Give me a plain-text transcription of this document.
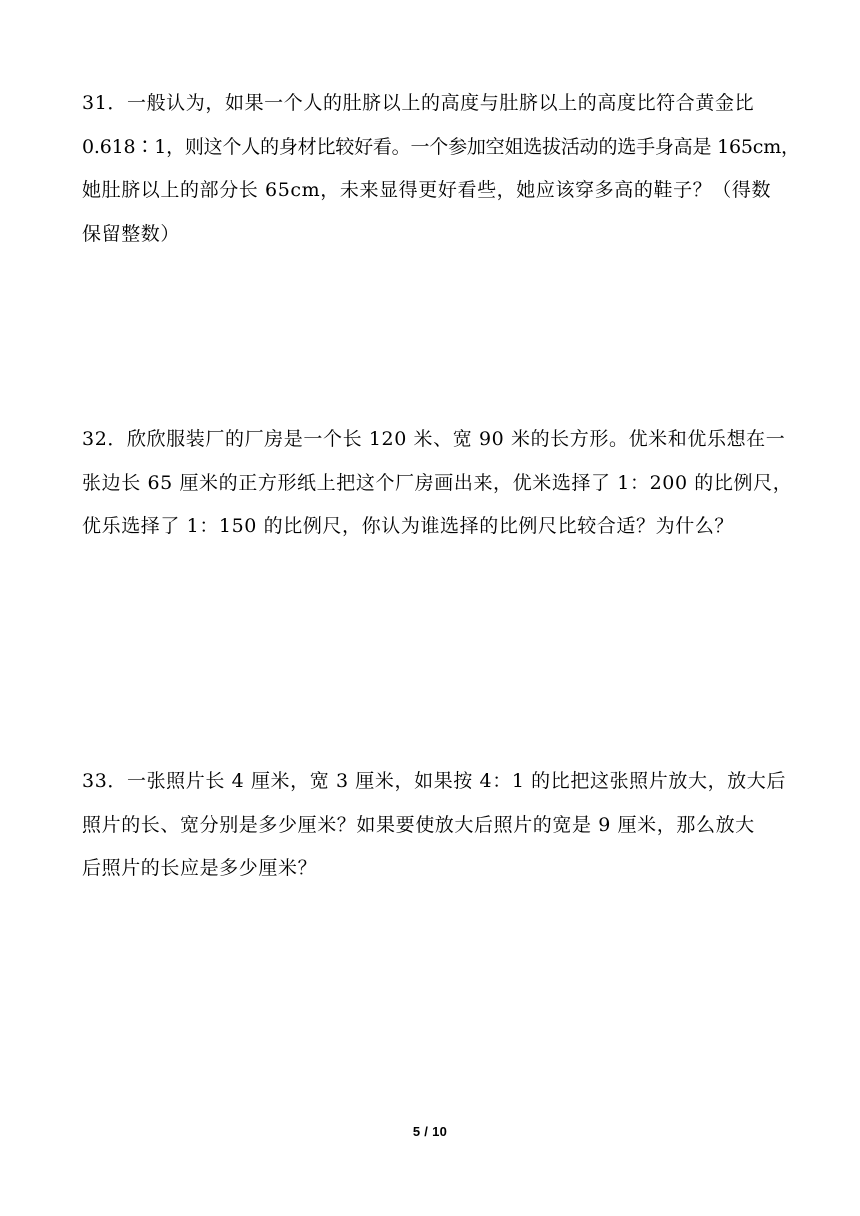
31．一般认为，如果一个人的肚脐以上的高度与肚脐以上的高度比符合黄金比
0.618∶1，则这个人的身材比较好看。一个参加空姐选拔活动的选手身高是 165cm，
她肚脐以上的部分长 65cm，未来显得更好看些，她应该穿多高的鞋子？（得数
保留整数）
32．欣欣服装厂的厂房是一个长 120 米、宽 90 米的长方形。优米和优乐想在一
张边长 65 厘米的正方形纸上把这个厂房画出来，优米选择了 1：200 的比例尺，
优乐选择了 1：150 的比例尺，你认为谁选择的比例尺比较合适？为什么？
33．一张照片长 4 厘米，宽 3 厘米，如果按 4：1 的比把这张照片放大，放大后
照片的长、宽分别是多少厘米？如果要使放大后照片的宽是 9 厘米，那么放大
后照片的长应是多少厘米？
5 / 10
